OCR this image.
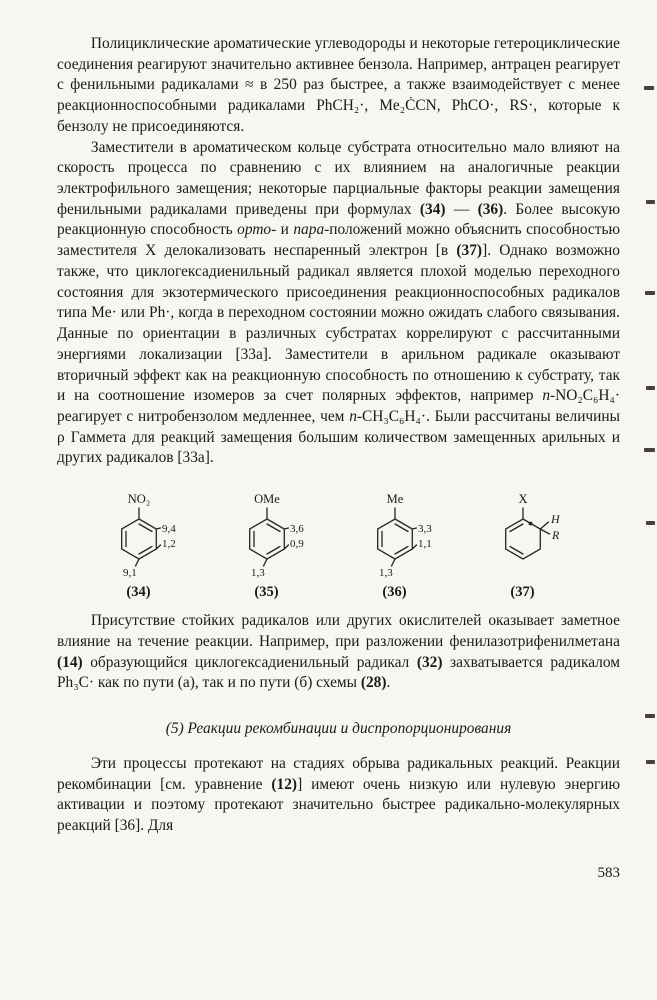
Полициклические ароматические углеводороды и некоторые гетероциклические соединения реагируют значительно активнее бензола. Например, антрацен реагирует с фенильными радикалами ≈ в 250 раз быстрее, а также взаимодействует с менее реакционноспособными радикалами PhCH₂·, Me₂ĊCN, PhCO·, RS·, которые к бензолу не присоединяются.

Заместители в ароматическом кольце субстрата относительно мало влияют на скорость процесса по сравнению с их влиянием на аналогичные реакции электрофильного замещения; некоторые парциальные факторы реакции замещения фенильными радикалами приведены при формулах (34) — (36). Более высокую реакционную способность орто- и пара-положений можно объяснить способностью заместителя X делокализовать неспаренный электрон [в (37)]. Однако возможно также, что циклогексадиенильный радикал является плохой моделью переходного состояния для экзотермического присоединения реакционноспособных радикалов типа Me· или Ph·, когда в переходном состоянии можно ожидать слабого связывания. Данные по ориентации в различных субстратах коррелируют с рассчитанными энергиями локализации [33а]. Заместители в арильном радикале оказывают вторичный эффект как на реакционную способность по отношению к субстрату, так и на соотношение изомеров за счет полярных эффектов, например n-NO₂C₆H₄· реагирует с нитробензолом медленнее, чем n-CH₃C₆H₄·. Были рассчитаны величины ρ Гаммета для реакций замещения большим количеством замещенных арильных и других радикалов [33а].

NO₂
9,4
1,2
9,1
(34)
OMe
3,6
0,9
1,3
(35)
Me
3,3
1,1
1,3
(36)
X
H
R
(37)

Присутствие стойких радикалов или других окислителей оказывает заметное влияние на течение реакции. Например, при разложении фенилазотрифенилметана (14) образующийся циклогексадиенильный радикал (32) захватывается радикалом Ph₃C· как по пути (а), так и по пути (б) схемы (28).

(5) Реакции рекомбинации и диспропорционирования

Эти процессы протекают на стадиях обрыва радикальных реакций. Реакции рекомбинации [см. уравнение (12)] имеют очень низкую или нулевую энергию активации и поэтому протекают значительно быстрее радикально-молекулярных реакций [36]. Для

583
